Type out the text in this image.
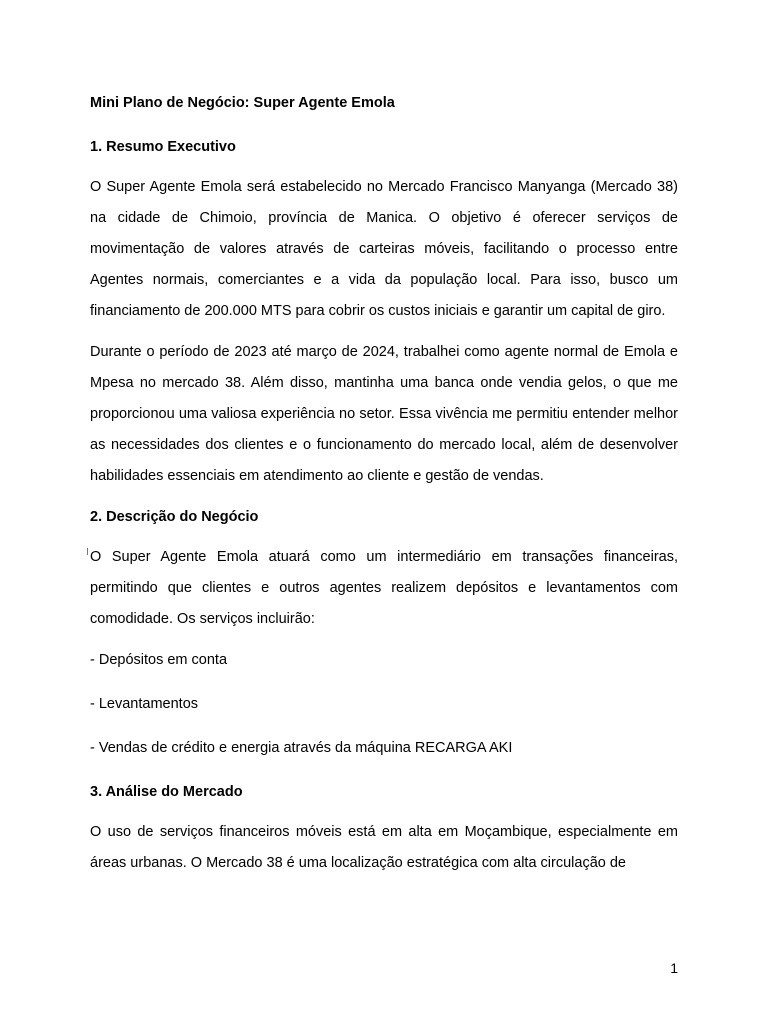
Mini Plano de Negócio: Super Agente Emola

1. Resumo Executivo

O Super Agente Emola será estabelecido no Mercado Francisco Manyanga (Mercado 38) na cidade de Chimoio, província de Manica. O objetivo é oferecer serviços de movimentação de valores através de carteiras móveis, facilitando o processo entre Agentes normais, comerciantes e a vida da população local. Para isso, busco um financiamento de 200.000 MTS para cobrir os custos iniciais e garantir um capital de giro.

Durante o período de 2023 até março de 2024, trabalhei como agente normal de Emola e Mpesa no mercado 38. Além disso, mantinha uma banca onde vendia gelos, o que me proporcionou uma valiosa experiência no setor. Essa vivência me permitiu entender melhor as necessidades dos clientes e o funcionamento do mercado local, além de desenvolver habilidades essenciais em atendimento ao cliente e gestão de vendas.

2. Descrição do Negócio

O Super Agente Emola atuará como um intermediário em transações financeiras, permitindo que clientes e outros agentes realizem depósitos e levantamentos com comodidade. Os serviços incluirão:

- Depósitos em conta

- Levantamentos

- Vendas de crédito e energia através da máquina RECARGA AKI

3. Análise do Mercado

O uso de serviços financeiros móveis está em alta em Moçambique, especialmente em áreas urbanas. O Mercado 38 é uma localização estratégica com alta circulação de

1
